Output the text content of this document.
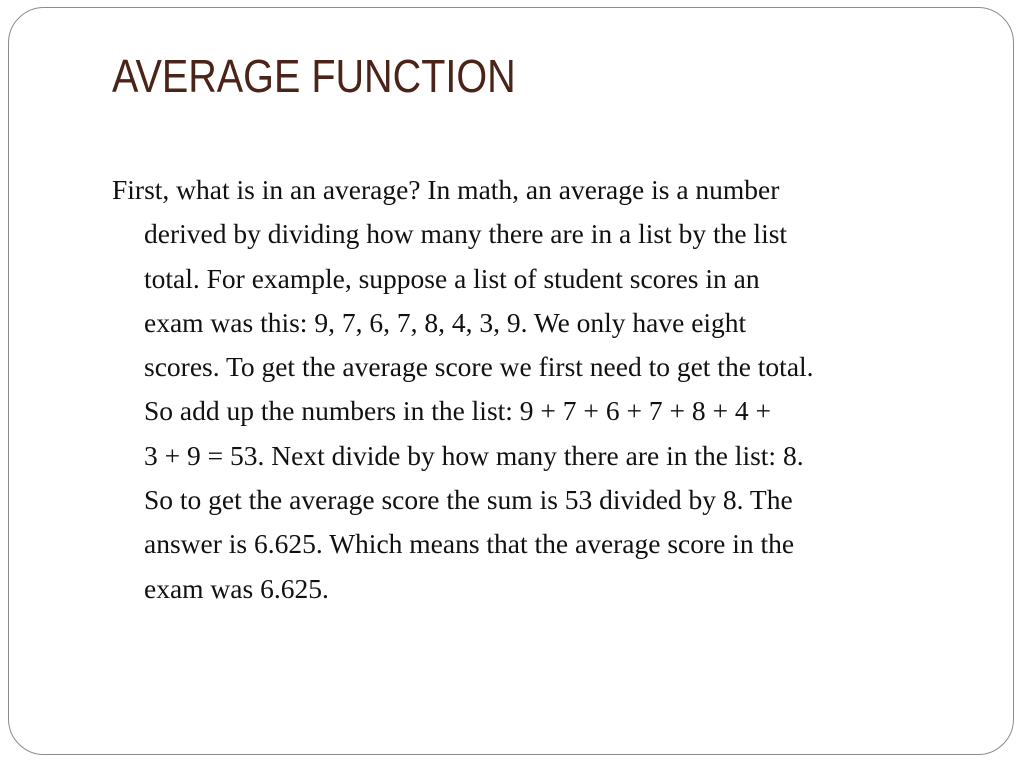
AVERAGE FUNCTION
First, what is in an average? In math, an average is a number
derived by dividing how many there are in a list by the list
total. For example, suppose a list of student scores in an
exam was this: 9, 7, 6, 7, 8, 4, 3, 9. We only have eight
scores. To get the average score we first need to get the total.
So add up the numbers in the list: 9 + 7 + 6 + 7 + 8 + 4 +
3 + 9 = 53. Next divide by how many there are in the list: 8.
So to get the average score the sum is 53 divided by 8. The
answer is 6.625. Which means that the average score in the
exam was 6.625.
